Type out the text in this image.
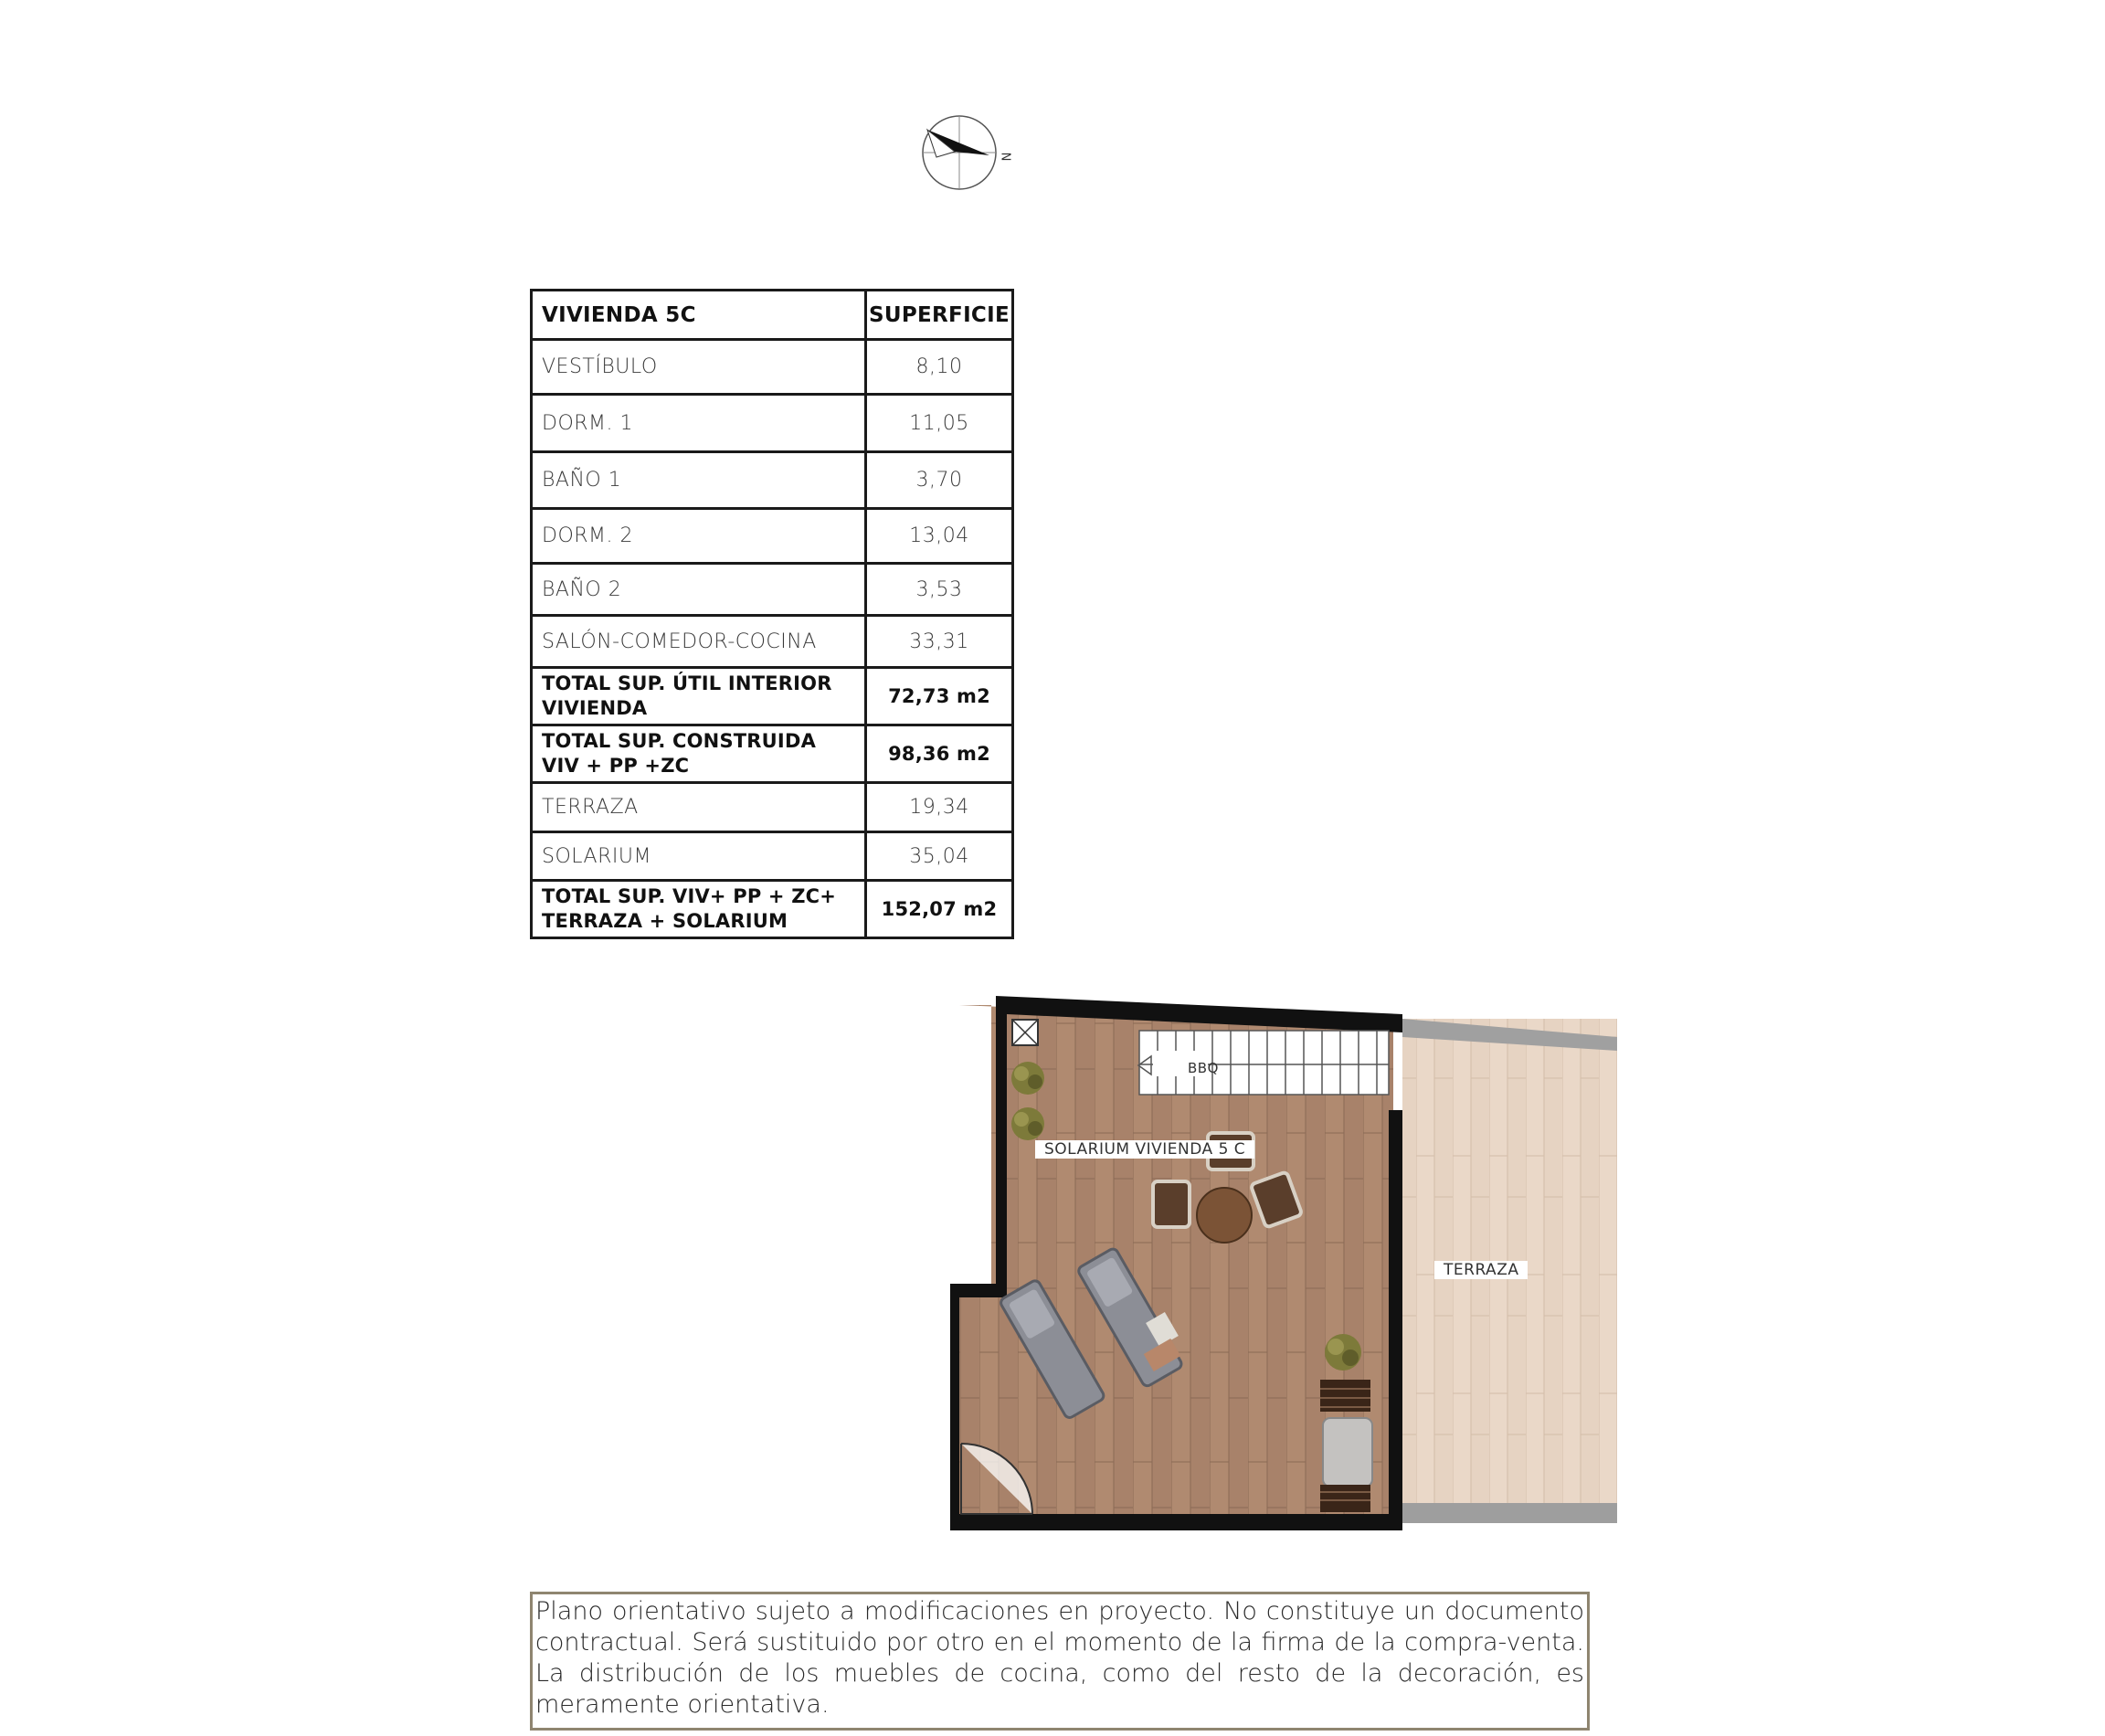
N
VIVIENDA 5C	SUPERFICIE
VESTÍBULO	8,10
DORM. 1	11,05
BAÑO 1	3,70
DORM. 2	13,04
BAÑO 2	3,53
SALÓN-COMEDOR-COCINA	33,31
TOTAL SUP. ÚTIL INTERIOR VIVIENDA	72,73 m2
TOTAL SUP. CONSTRUIDA VIV + PP +ZC	98,36 m2
TERRAZA	19,34
SOLARIUM	35,04
TOTAL SUP. VIV+ PP + ZC+ TERRAZA + SOLARIUM	152,07 m2
BBQ
SOLARIUM VIVIENDA 5 C
TERRAZA
Plano orientativo sujeto a modificaciones en proyecto. No constituye un documento contractual. Será sustituido por otro en el momento de la firma de la compra-venta. La distribución de los muebles de cocina, como del resto de la decoración, es meramente orientativa.
